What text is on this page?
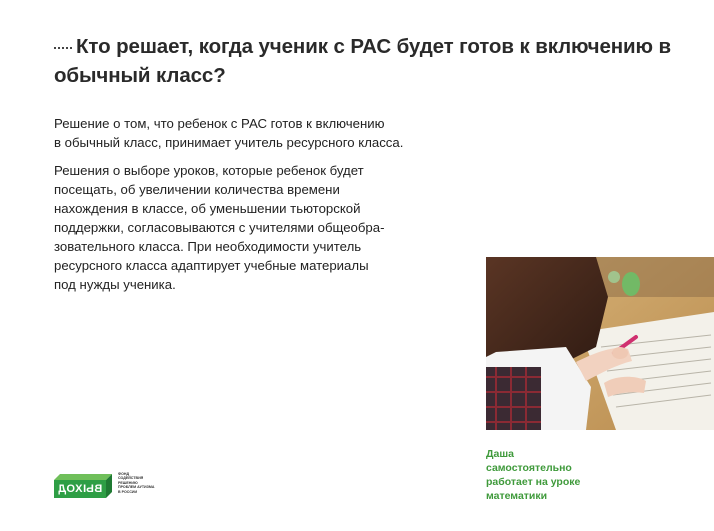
Кто решает, когда ученик с РАС будет готов к включению в обычный класс?

Решение о том, что ребенок с РАС готов к включению
в обычный класс, принимает учитель ресурсного класса.

Решения о выборе уроков, которые ребенок будет
посещать, об увеличении количества времени
нахождения в классе, об уменьшении тьюторской
поддержки, согласовываются с учителями общеобра-
зовательного класса. При необходимости учитель
ресурсного класса адаптирует учебные материалы
под нужды ученика.

Даша
самостоятельно
работает на уроке
математики
ВЫХОД
ФОНД
СОДЕЙСТВИЯ
РЕШЕНИЮ
ПРОБЛЕМ АУТИЗМА
В РОССИИ
